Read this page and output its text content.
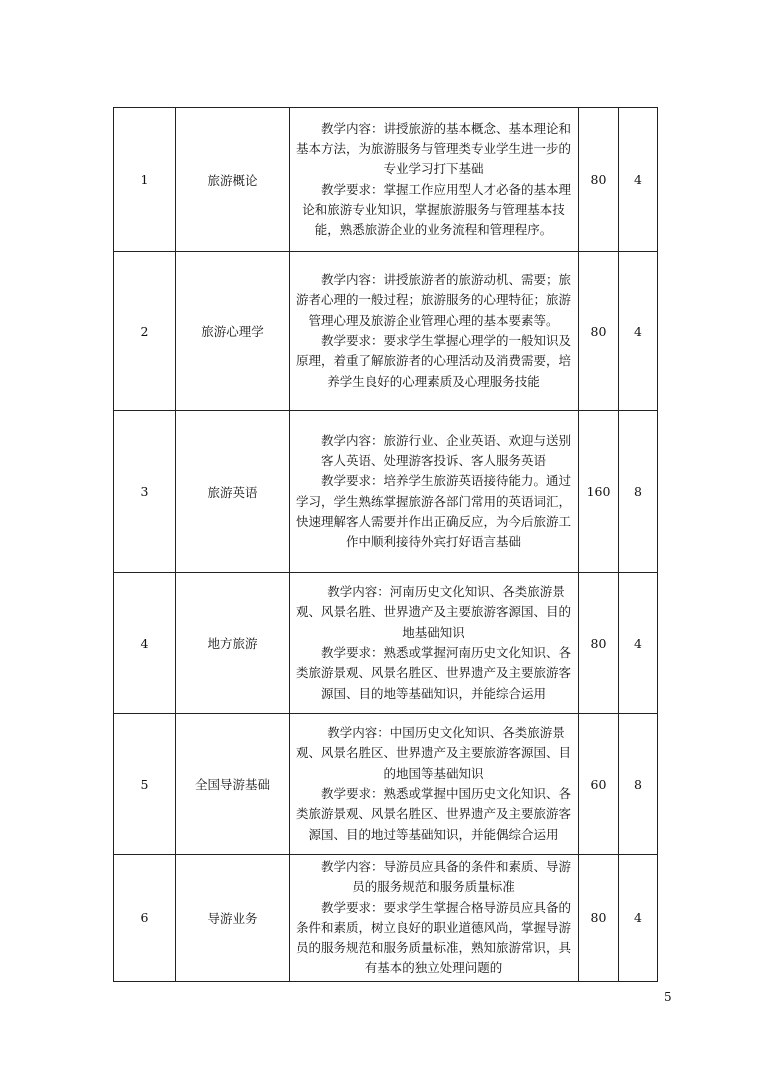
1	旅游概论	教学内容：讲授旅游的基本概念、基本理论和基本方法，为旅游服务与管理类专业学生进一步的专业学习打下基础

教学要求：掌握工作应用型人才必备的基本理论和旅游专业知识，掌握旅游服务与管理基本技能，熟悉旅游企业的业务流程和管理程序。	80	4
2	旅游心理学	教学内容：讲授旅游者的旅游动机、需要；旅游者心理的一般过程；旅游服务的心理特征；旅游管理心理及旅游企业管理心理的基本要素等。

教学要求：要求学生掌握心理学的一般知识及原理，着重了解旅游者的心理活动及消费需要，培养学生良好的心理素质及心理服务技能	80	4
3	旅游英语	教学内容：旅游行业、企业英语、欢迎与送别客人英语、处理游客投诉、客人服务英语

教学要求：培养学生旅游英语接待能力。通过学习，学生熟练掌握旅游各部门常用的英语词汇，快速理解客人需要并作出正确反应，为今后旅游工作中顺利接待外宾打好语言基础	160	8
4	地方旅游	教学内容：河南历史文化知识、各类旅游景观、风景名胜、世界遗产及主要旅游客源国、目的地基础知识

教学要求：熟悉或掌握河南历史文化知识、各类旅游景观、风景名胜区、世界遗产及主要旅游客源国、目的地等基础知识，并能综合运用	80	4
5	全国导游基础	教学内容：中国历史文化知识、各类旅游景观、风景名胜区、世界遗产及主要旅游客源国、目的地国等基础知识

教学要求：熟悉或掌握中国历史文化知识、各类旅游景观、风景名胜区、世界遗产及主要旅游客源国、目的地过等基础知识，并能偶综合运用	60	8
6	导游业务	教学内容：导游员应具备的条件和素质、导游员的服务规范和服务质量标准

教学要求：要求学生掌握合格导游员应具备的条件和素质，树立良好的职业道德风尚，掌握导游员的服务规范和服务质量标准，熟知旅游常识，具有基本的独立处理问题的	80	4
5
